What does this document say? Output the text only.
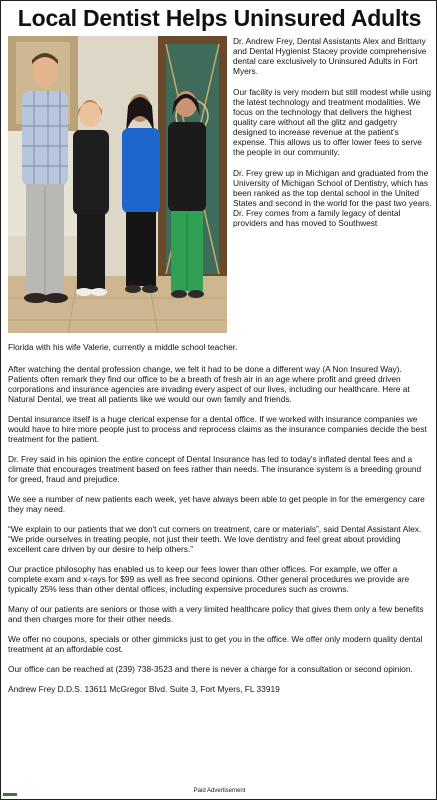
Local Dentist Helps Uninsured Adults

Dr. Andrew Frey, Dental Assistants Alex and Brittany and Dental Hygienist Stacey provide comprehensive dental care exclusively to Uninsured Adults in Fort Myers.

Our facility is very modern but still modest while using the latest technology and treatment modalities. We focus on the technology that delivers the highest quality care without all the glitz and gadgetry designed to increase revenue at the patient's expense. This allows us to offer lower fees to serve the people in our community.

Dr. Frey grew up in Michigan and graduated from the University of Michigan School of Dentistry, which has been ranked as the top dental school in the United States and second in the world for the past two years. Dr. Frey comes from a family legacy of dental providers and has moved to Southwest

Florida with his wife Valerie, currently a middle school teacher.

After watching the dental profession change, we felt it had to be done a different way (A Non Insured Way). Patients often remark they find our office to be a breath of fresh air in an age where profit and greed driven corporations and insurance agencies are invading every aspect of our lives, including our healthcare. Here at Natural Dental, we treat all patients like we would our own family and friends.

Dental insurance itself is a huge clerical expense for a dental office. If we worked with insurance companies we would have to hire more people just to process and reprocess claims as the insurance companies decide the best treatment for the patient.

Dr. Frey said in his opinion the entire concept of Dental Insurance has led to today's inflated dental fees and a climate that encourages treatment based on fees rather than needs. The insurance system is a breeding ground for greed, fraud and prejudice.

We see a number of new patients each week, yet have always been able to get people in for the emergency care they may need.

“We explain to our patients that we don't cut corners on treatment, care or materials”, said Dental Assistant Alex. “We pride ourselves in treating people, not just their teeth. We love dentistry and feel great about providing excellent care driven by our desire to help others.”

Our practice philosophy has enabled us to keep our fees lower than other offices. For example, we offer a complete exam and x-rays for $99 as well as free second opinions. Other general procedures we provide are typically 25% less than other dental offices, including expensive procedures such as crowns.

Many of our patients are seniors or those with a very limited healthcare policy that gives them only a few benefits and then charges more for their other needs.

We offer no coupons, specials or other gimmicks just to get you in the office. We offer only modern quality dental treatment at an affordable cost.

Our office can be reached at (239) 738-3523 and there is never a charge for a consultation or second opinion.

Andrew Frey D.D.S. 13611 McGregor Blvd. Suite 3, Fort Myers, FL 33919

Paid Advertisement
